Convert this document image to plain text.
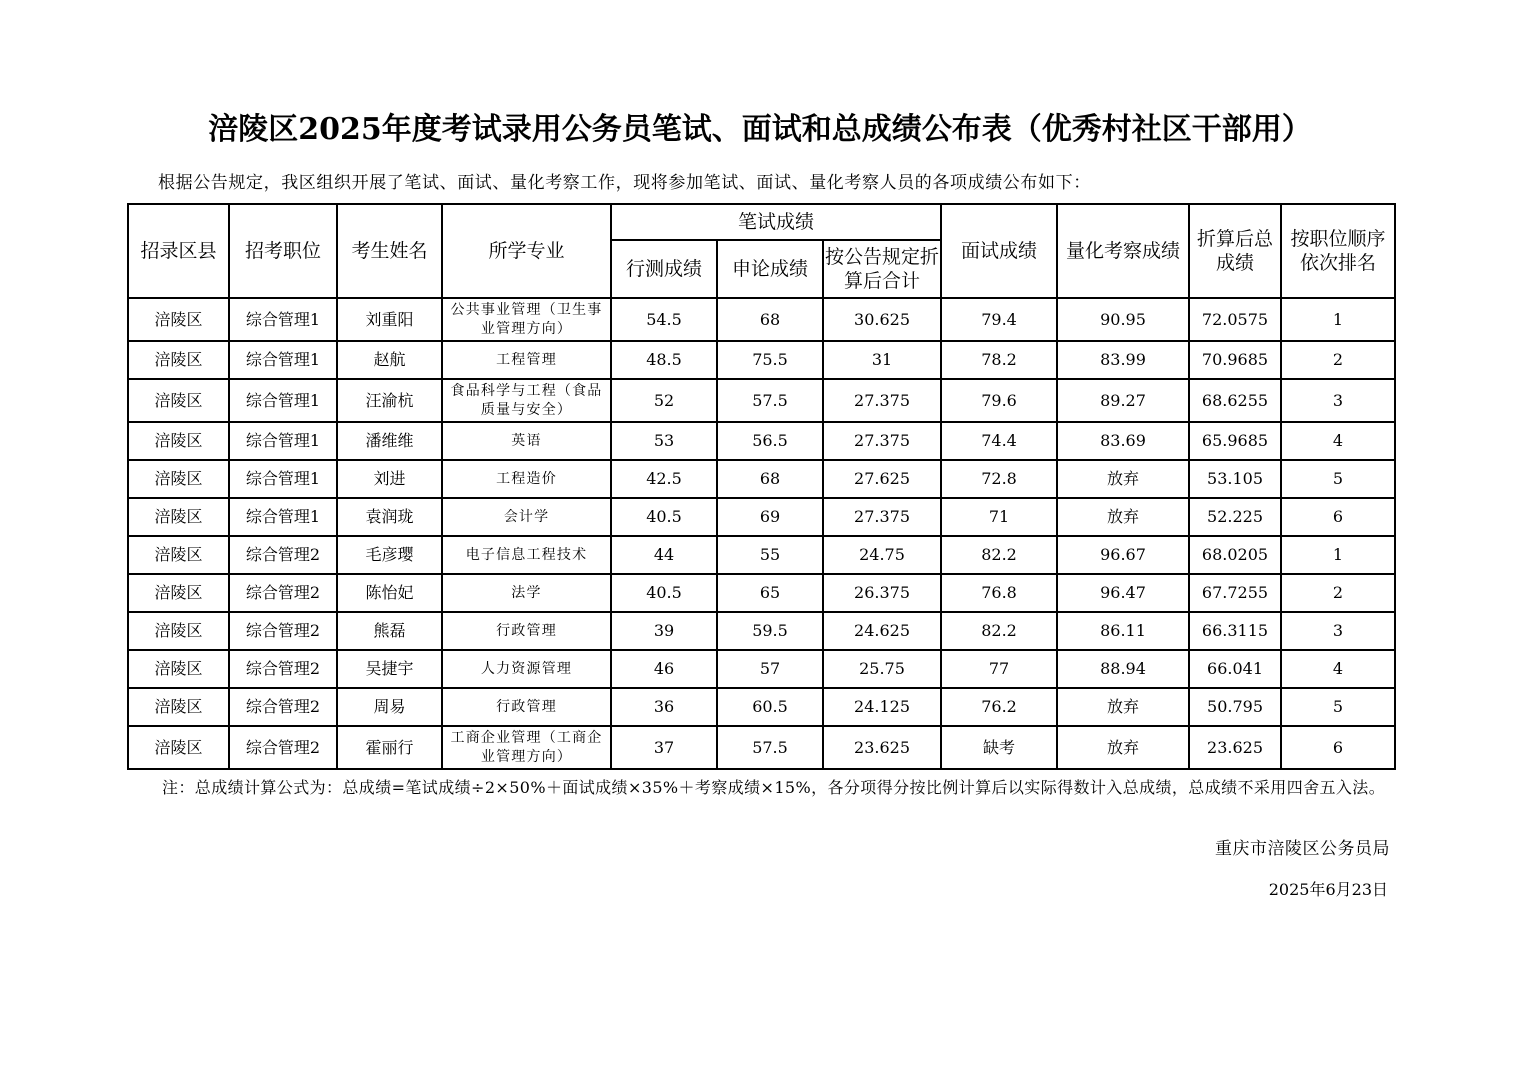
涪陵区2025年度考试录用公务员笔试、面试和总成绩公布表（优秀村社区干部用）
根据公告规定，我区组织开展了笔试、面试、量化考察工作，现将参加笔试、面试、量化考察人员的各项成绩公布如下：
招录区县	招考职位	考生姓名	所学专业	笔试成绩			面试成绩	量化考察成绩	折算后总成绩	按职位顺序依次排名
				行测成绩	申论成绩	按公告规定折算后合计				
涪陵区	综合管理1	刘重阳	公共事业管理（卫生事业管理方向）	54.5	68	30.625	79.4	90.95	72.0575	1
涪陵区	综合管理1	赵航	工程管理	48.5	75.5	31	78.2	83.99	70.9685	2
涪陵区	综合管理1	汪渝杭	食品科学与工程（食品质量与安全）	52	57.5	27.375	79.6	89.27	68.6255	3
涪陵区	综合管理1	潘维维	英语	53	56.5	27.375	74.4	83.69	65.9685	4
涪陵区	综合管理1	刘进	工程造价	42.5	68	27.625	72.8	放弃	53.105	5
涪陵区	综合管理1	袁润珑	会计学	40.5	69	27.375	71	放弃	52.225	6
涪陵区	综合管理2	毛彦璎	电子信息工程技术	44	55	24.75	82.2	96.67	68.0205	1
涪陵区	综合管理2	陈怡妃	法学	40.5	65	26.375	76.8	96.47	67.7255	2
涪陵区	综合管理2	熊磊	行政管理	39	59.5	24.625	82.2	86.11	66.3115	3
涪陵区	综合管理2	吴捷宇	人力资源管理	46	57	25.75	77	88.94	66.041	4
涪陵区	综合管理2	周易	行政管理	36	60.5	24.125	76.2	放弃	50.795	5
涪陵区	综合管理2	霍丽行	工商企业管理（工商企业管理方向）	37	57.5	23.625	缺考	放弃	23.625	6
注：总成绩计算公式为：总成绩=笔试成绩÷2×50%＋面试成绩×35%＋考察成绩×15%，各分项得分按比例计算后以实际得数计入总成绩，总成绩不采用四舍五入法。
重庆市涪陵区公务员局
2025年6月23日
